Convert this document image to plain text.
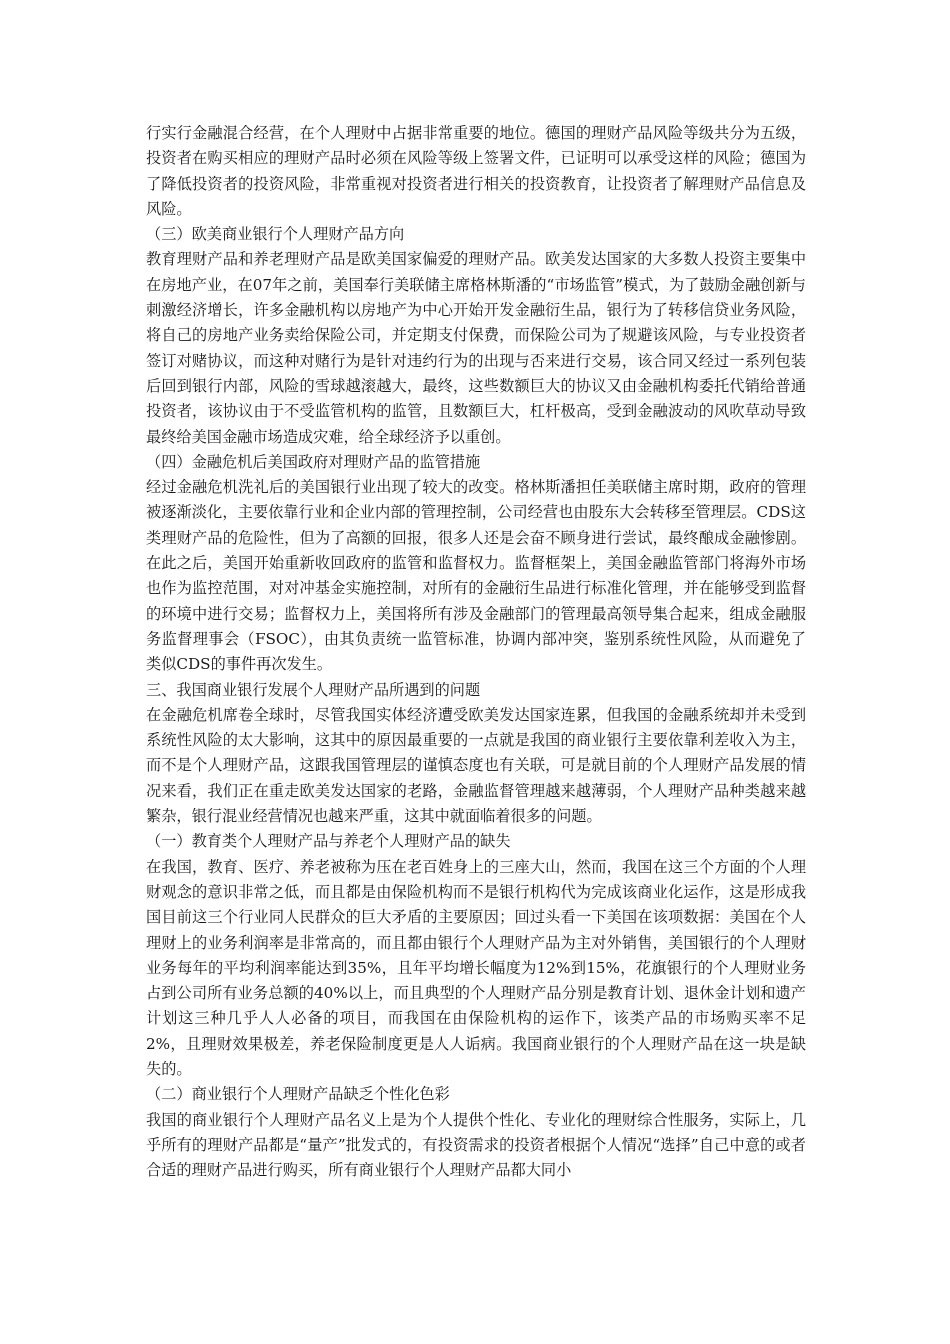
行实行金融混合经营，在个人理财中占据非常重要的地位。德国的理财产品风险等级共分为五级，投资者在购买相应的理财产品时必须在风险等级上签署文件，已证明可以承受这样的风险；德国为了降低投资者的投资风险，非常重视对投资者进行相关的投资教育，让投资者了解理财产品信息及风险。

（三）欧美商业银行个人理财产品方向

教育理财产品和养老理财产品是欧美国家偏爱的理财产品。欧美发达国家的大多数人投资主要集中在房地产业，在07年之前，美国奉行美联储主席格林斯潘的“市场监管”模式，为了鼓励金融创新与刺激经济增长，许多金融机构以房地产为中心开始开发金融衍生品，银行为了转移信贷业务风险，将自己的房地产业务卖给保险公司，并定期支付保费，而保险公司为了规避该风险，与专业投资者签订对赌协议，而这种对赌行为是针对违约行为的出现与否来进行交易，该合同又经过一系列包装后回到银行内部，风险的雪球越滚越大，最终，这些数额巨大的协议又由金融机构委托代销给普通投资者，该协议由于不受监管机构的监管，且数额巨大，杠杆极高，受到金融波动的风吹草动导致最终给美国金融市场造成灾难，给全球经济予以重创。

（四）金融危机后美国政府对理财产品的监管措施

经过金融危机洗礼后的美国银行业出现了较大的改变。格林斯潘担任美联储主席时期，政府的管理被逐渐淡化，主要依靠行业和企业内部的管理控制，公司经营也由股东大会转移至管理层。CDS这类理财产品的危险性，但为了高额的回报，很多人还是会奋不顾身进行尝试，最终酿成金融惨剧。在此之后，美国开始重新收回政府的监管和监督权力。监督框架上，美国金融监管部门将海外市场也作为监控范围，对对冲基金实施控制，对所有的金融衍生品进行标准化管理，并在能够受到监督的环境中进行交易；监督权力上，美国将所有涉及金融部门的管理最高领导集合起来，组成金融服务监督理事会（FSOC），由其负责统一监管标准，协调内部冲突，鉴别系统性风险，从而避免了类似CDS的事件再次发生。

三、我国商业银行发展个人理财产品所遇到的问题

在金融危机席卷全球时，尽管我国实体经济遭受欧美发达国家连累，但我国的金融系统却并未受到系统性风险的太大影响，这其中的原因最重要的一点就是我国的商业银行主要依靠利差收入为主，而不是个人理财产品，这跟我国管理层的谨慎态度也有关联，可是就目前的个人理财产品发展的情况来看，我们正在重走欧美发达国家的老路，金融监督管理越来越薄弱，个人理财产品种类越来越繁杂，银行混业经营情况也越来严重，这其中就面临着很多的问题。

（一）教育类个人理财产品与养老个人理财产品的缺失

在我国，教育、医疗、养老被称为压在老百姓身上的三座大山，然而，我国在这三个方面的个人理财观念的意识非常之低，而且都是由保险机构而不是银行机构代为完成该商业化运作，这是形成我国目前这三个行业同人民群众的巨大矛盾的主要原因；回过头看一下美国在该项数据：美国在个人理财上的业务利润率是非常高的，而且都由银行个人理财产品为主对外销售，美国银行的个人理财业务每年的平均利润率能达到35%，且年平均增长幅度为12%到15%，花旗银行的个人理财业务占到公司所有业务总额的40%以上，而且典型的个人理财产品分别是教育计划、退休金计划和遗产计划这三种几乎人人必备的项目，而我国在由保险机构的运作下，该类产品的市场购买率不足2%，且理财效果极差，养老保险制度更是人人诟病。我国商业银行的个人理财产品在这一块是缺失的。

（二）商业银行个人理财产品缺乏个性化色彩

我国的商业银行个人理财产品名义上是为个人提供个性化、专业化的理财综合性服务，实际上，几乎所有的理财产品都是“量产”批发式的，有投资需求的投资者根据个人情况“选择”自己中意的或者合适的理财产品进行购买，所有商业银行个人理财产品都大同小
